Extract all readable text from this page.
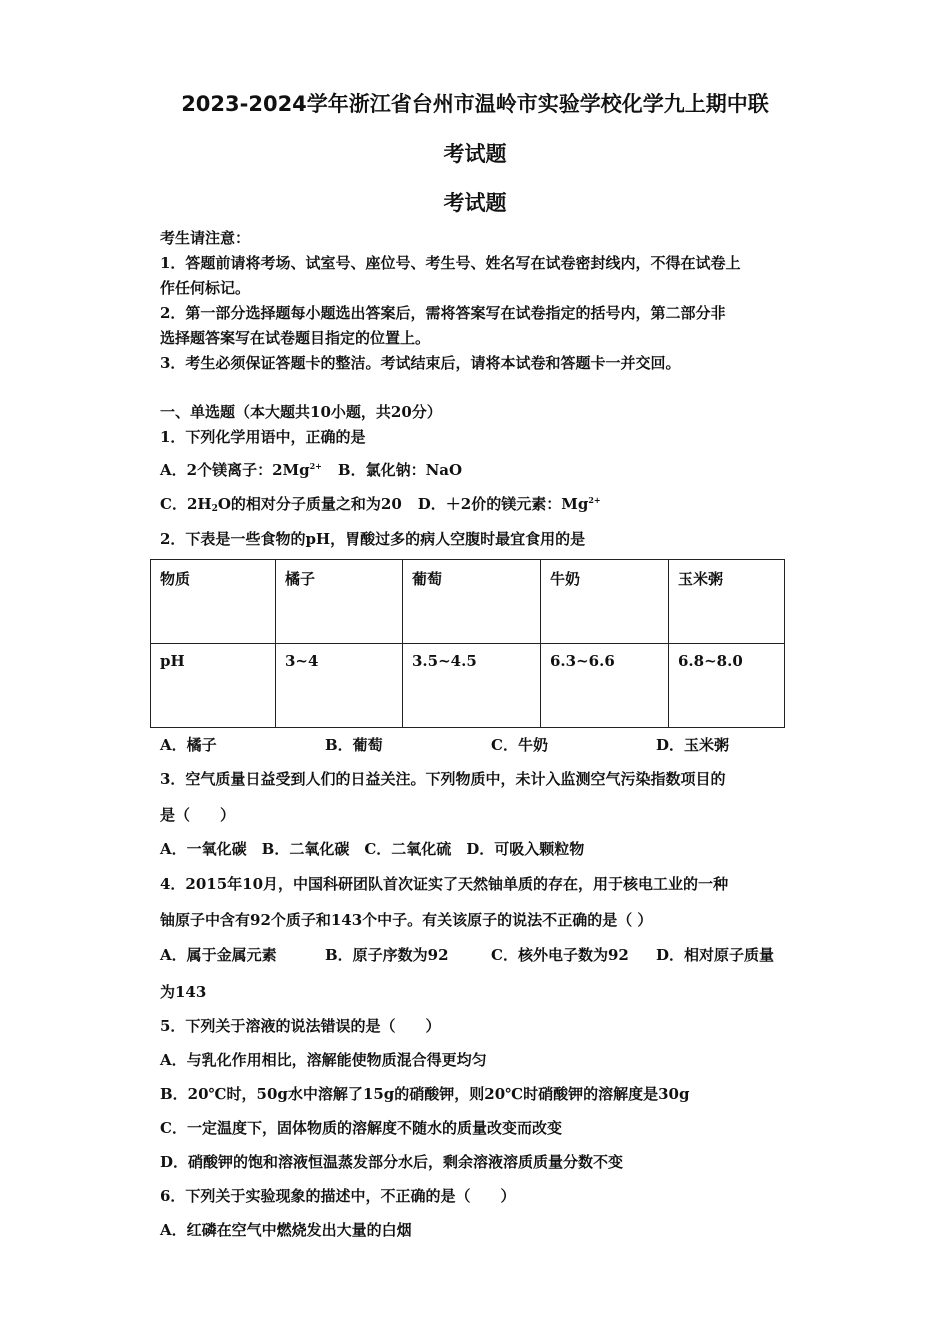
2023-2024学年浙江省台州市温岭市实验学校化学九上期中联
考试题
考试题
考生请注意：
1．答题前请将考场、试室号、座位号、考生号、姓名写在试卷密封线内，不得在试卷上
作任何标记。
2．第一部分选择题每小题选出答案后，需将答案写在试卷指定的括号内，第二部分非
选择题答案写在试卷题目指定的位置上。
3．考生必须保证答题卡的整洁。考试结束后，请将本试卷和答题卡一并交回。
一、单选题（本大题共10小题，共20分）
1．下列化学用语中，正确的是
A．2个镁离子：$2Mg^{2+}$ B．氯化钠：NaO
C．$2H_2O$的相对分子质量之和为20 D．＋2价的镁元素：$Mg^{2+}$
2．下表是一些食物的pH，胃酸过多的病人空腹时最宜食用的是
物质	橘子	葡萄	牛奶	玉米粥
pH	3~4	3.5~4.5	6.3~6.6	6.8~8.0
A．橘子	B．葡萄	C．牛奶	D．玉米粥
3．空气质量日益受到人们的日益关注。下列物质中，未计入监测空气污染指数项目的
是（　　）
A．一氧化碳　B．二氧化碳　C．二氧化硫　D．可吸入颗粒物
4．2015年10月，中国科研团队首次证实了天然铀单质的存在，用于核电工业的一种
铀原子中含有92个质子和143个中子。有关该原子的说法不正确的是（ ）
A．属于金属元素	B．原子序数为92	C．核外电子数为92 D．相对原子质量
为143
5．下列关于溶液的说法错误的是（　　）
A．与乳化作用相比，溶解能使物质混合得更均匀
B．20℃时，50g水中溶解了15g的硝酸钾，则20℃时硝酸钾的溶解度是30g
C．一定温度下，固体物质的溶解度不随水的质量改变而改变
D．硝酸钾的饱和溶液恒温蒸发部分水后，剩余溶液溶质质量分数不变
6．下列关于实验现象的描述中，不正确的是（　　）
A．红磷在空气中燃烧发出大量的白烟
